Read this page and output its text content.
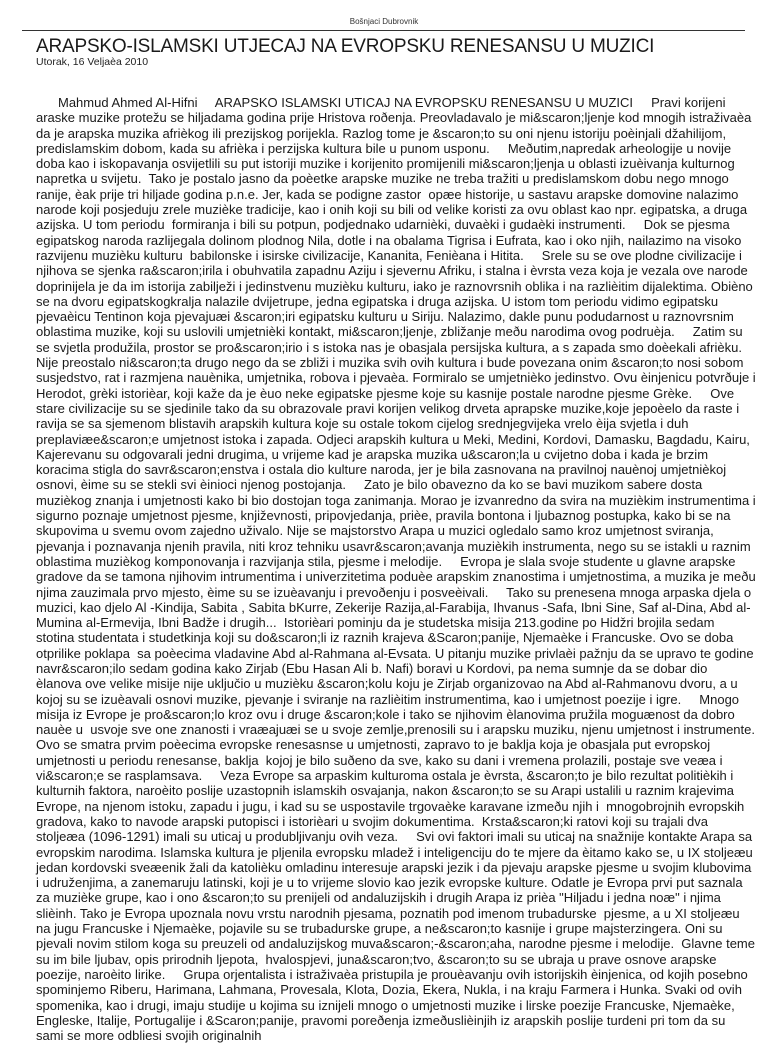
Bošnjaci Dubrovnik
ARAPSKO-ISLAMSKI UTJECAJ NA EVROPSKU RENESANSU U MUZICI
Utorak, 16 Veljaèa 2010

Mahmud Ahmed Al-Hifni     ARAPSKO ISLAMSKI UTICAJ NA EVROPSKU RENESANSU U MUZICI     Pravi korijeni araske muzike protežu se hiljadama godina prije Hristova roðenja. Preovladavalo je mi&scaron;ljenje kod mnogih istraživaèa da je arapska muzika afrièkog ili prezijskog porijekla. Razlog tome je &scaron;to su oni njenu istoriju poèinjali džahilijom, predislamskim dobom, kada su afrièka i perzijska kultura bile u punom usponu.     Meðutim,napredak arheologije u novije doba kao i iskopavanja osvijetlili su put istoriji muzike i korijenito promijenili mi&scaron;ljenja u oblasti izuèivanja kulturnog napretka u svijetu.  Tako je postalo jasno da poèetke arapske muzike ne treba tražiti u predislamskom dobu nego mnogo ranije, èak prije tri hiljade godina p.n.e. Jer, kada se podigne zastor  opæe historije, u sastavu arapske domovine nalazimo narode koji posjeduju zrele muzièke tradicije, kao i onih koji su bili od velike koristi za ovu oblast kao npr. egipatska, a druga azijska. U tom periodu  formiranja i bili su potpun, podjednako udarnièki, duvaèki i gudaèki instrumenti.     Dok se pjesma egipatskog naroda razlijegala dolinom plodnog Nila, dotle i na obalama Tigrisa i Eufrata, kao i oko njih, nailazimo na visoko razvijenu muzièku kulturu  babilonske i isirske civilizacije, Kananita, Fenièana i Hitita.     Srele su se ove plodne civilizacije i njihova se sjenka ra&scaron;irila i obuhvatila zapadnu Aziju i sjevernu Afriku, i stalna i èvrsta veza koja je vezala ove narode doprinijela je da im istorija zabilježi i jedinstvenu muzièku kulturu, iako je raznovrsnih oblika i na razlièitim dijalektima. Obièno se na dvoru egipatskogkralja nalazile dvijetrupe, jedna egipatska i druga azijska. U istom tom periodu vidimo egipatsku pjevaèicu Tentinon koja pjevajuæi &scaron;iri egipatsku kulturu u Siriju. Nalazimo, dakle punu podudarnost u raznovrsnim oblastima muzike, koji su uslovili umjetnièki kontakt, mi&scaron;ljenje, zbližanje meðu narodima ovog podruèja.     Zatim su se svjetla produžila, prostor se pro&scaron;irio i s istoka nas je obasjala persijska kultura, a s zapada smo doèekali afrièku. Nije preostalo ni&scaron;ta drugo nego da se zbliži i muzika svih ovih kultura i bude povezana onim &scaron;to nosi sobom susjedstvo, rat i razmjena nauènika, umjetnika, robova i pjevaèa. Formiralo se umjetnièko jedinstvo. Ovu èinjenicu potvrðuje i Herodot, grèki istorièar, koji kaže da je èuo neke egipatske pjesme koje su kasnije postale narodne pjesme Grèke.     Ove stare civilizacije su se sjedinile tako da su obrazovale pravi korijen velikog drveta aprapske muzike,koje jepoèelo da raste i ravija se sa sjemenom blistavih arapskih kultura koje su ostale tokom cijelog srednjegvijeka vrelo èija svjetla i duh preplaviæe&scaron;e umjetnost istoka i zapada. Odjeci arapskih kultura u Meki, Medini, Kordovi, Damasku, Bagdadu, Kairu, Kajerevanu su odgovarali jedni drugima, u vrijeme kad je arapska muzika u&scaron;la u cvijetno doba i kada je brzim koracima stigla do savr&scaron;enstva i ostala dio kulture naroda, jer je bila zasnovana na pravilnoj nauènoj umjetnièkoj osnovi, èime su se stekli svi èinioci njenog postojanja.     Zato je bilo obavezno da ko se bavi muzikom sabere dosta muzièkog znanja i umjetnosti kako bi bio dostojan toga zanimanja. Morao je izvanredno da svira na muzièkim instrumentima i sigurno poznaje umjetnost pjesme, književnosti, pripovjedanja, prièe, pravila bontona i ljubaznog postupka, kako bi se na skupovima u svemu ovom zajedno uživalo. Nije se majstorstvo Arapa u muzici ogledalo samo kroz umjetnost sviranja, pjevanja i poznavanja njenih pravila, niti kroz tehniku usavr&scaron;avanja muzièkih instrumenta, nego su se istakli u raznim oblastima muzièkog komponovanja i razvijanja stila, pjesme i melodije.     Evropa je slala svoje studente u glavne arapske gradove da se tamona njihovim intrumentima i univerzitetima poduèe arapskim znanostima i umjetnostima, a muzika je meðu njima zauzimala prvo mjesto, èime su se izuèavanju i prevoðenju i posveèivali.     Tako su prenesena mnoga arpaska djela o muzici, kao djelo Al -Kindija, Sabita , Sabita bKurre, Zekerije Razija,al-Farabija, Ihvanus -Safa, Ibni Sine, Saf al-Dina, Abd al-Mumina al-Ermevija, Ibni Badže i drugih...  Istorièari pominju da je studetska misija 213.godine po Hidžri brojila sedam stotina studentata i studetkinja koji su do&scaron;li iz raznih krajeva &Scaron;panije, Njemaèke i Francuske. Ovo se doba otprilike poklapa  sa poèecima vladavine Abd al-Rahmana al-Evsata. U pitanju muzike privlaèi pažnju da se upravo te godine navr&scaron;ilo sedam godina kako Zirjab (Ebu Hasan Ali b. Nafi) boravi u Kordovi, pa nema sumnje da se dobar dio èlanova ove velike misije nije uključio u muzièku &scaron;kolu koju je Zirjab organizovao na Abd al-Rahmanovu dvoru, a u kojoj su se izuèavali osnovi muzike, pjevanje i sviranje na razlièitim instrumentima, kao i umjetnost poezije i igre.     Mnogo misija iz Evrope je pro&scaron;lo kroz ovu i druge &scaron;kole i tako se njihovim èlanovima pružila moguænost da dobro nauèe u  usvoje sve one znanosti i vraæajuæi se u svoje zemlje,prenosili su i arapsku muziku, njenu umjetnost i instrumente. Ovo se smatra prvim poèecima evropske renesasnse u umjetnosti, zapravo to je baklja koja je obasjala put evropskoj umjetnosti u periodu renesanse, baklja  kojoj je bilo suðeno da sve, kako su dani i vremena prolazili, postaje sve veæa i vi&scaron;e se rasplamsava.     Veza Evrope sa arpaskim kulturoma ostala je èvrsta, &scaron;to je bilo rezultat politièkih i kulturnih faktora, naroèito poslije uzastopnih islamskih osvajanja, nakon &scaron;to se su Arapi ustalili u raznim krajevima Evrope, na njenom istoku, zapadu i jugu, i kad su se uspostavile trgovaèke karavane izmeðu njih i  mnogobrojnih evropskih gradova, kako to navode arapski putopisci i istorièari u svojim dokumentima.  Krsta&scaron;ki ratovi koji su trajali dva stoljeæa (1096-1291) imali su uticaj u produbljivanju ovih veza.     Svi ovi faktori imali su uticaj na snažnije kontakte Arapa sa evropskim narodima. Islamska kultura je pljenila evropsku mladež i inteligenciju do te mjere da èitamo kako se, u IX stoljeæu  jedan kordovski sveæenik žali da katolièku omladinu interesuje arapski jezik i da pjevaju arapske pjesme u svojim klubovima i udruženjima, a zanemaruju latinski, koji je u to vrijeme slovio kao jezik evropske kulture. Odatle je Evropa prvi put saznala za muzièke grupe, kao i ono &scaron;to su prenijeli od andaluzijskih i drugih Arapa iz prièa "Hiljadu i jedna noæ" i njima slièinh. Tako je Evropa upoznala novu vrstu narodnih pjesama, poznatih pod imenom trubadurske  pjesme, a u XI stoljeæu na jugu Francuske i Njemaèke, pojavile su se trubadurske grupe, a ne&scaron;to kasnije i grupe majsterzingera. Oni su pjevali novim stilom koga su preuzeli od andaluzijskog muva&scaron;-&scaron;aha, narodne pjesme i melodije.  Glavne teme su im bile ljubav, opis prirodnih ljepota,  hvalospjevi, juna&scaron;tvo, &scaron;to su se ubraja u prave osnove arapske poezije, naroèito lirike.     Grupa orjentalista i istraživaèa pristupila je prouèavanju ovih istorijskih èinjenica, od kojih posebno spominjemo Riberu, Harimana, Lahmana, Provesala, Klota, Dozia, Ekera, Nukla, i na kraju Farmera i Hunka. Svaki od ovih spomenika, kao i drugi, imaju studije u kojima su iznijeli mnogo o umjetnosti muzike i lirske poezije Francuske, Njemaèke, Engleske, Italije, Portugalije i &Scaron;panije, pravomi poreðenja izmeðuslièinjih iz arapskih poslije turdeni pri tom da su sami se more odbliesi svojih originalnih
